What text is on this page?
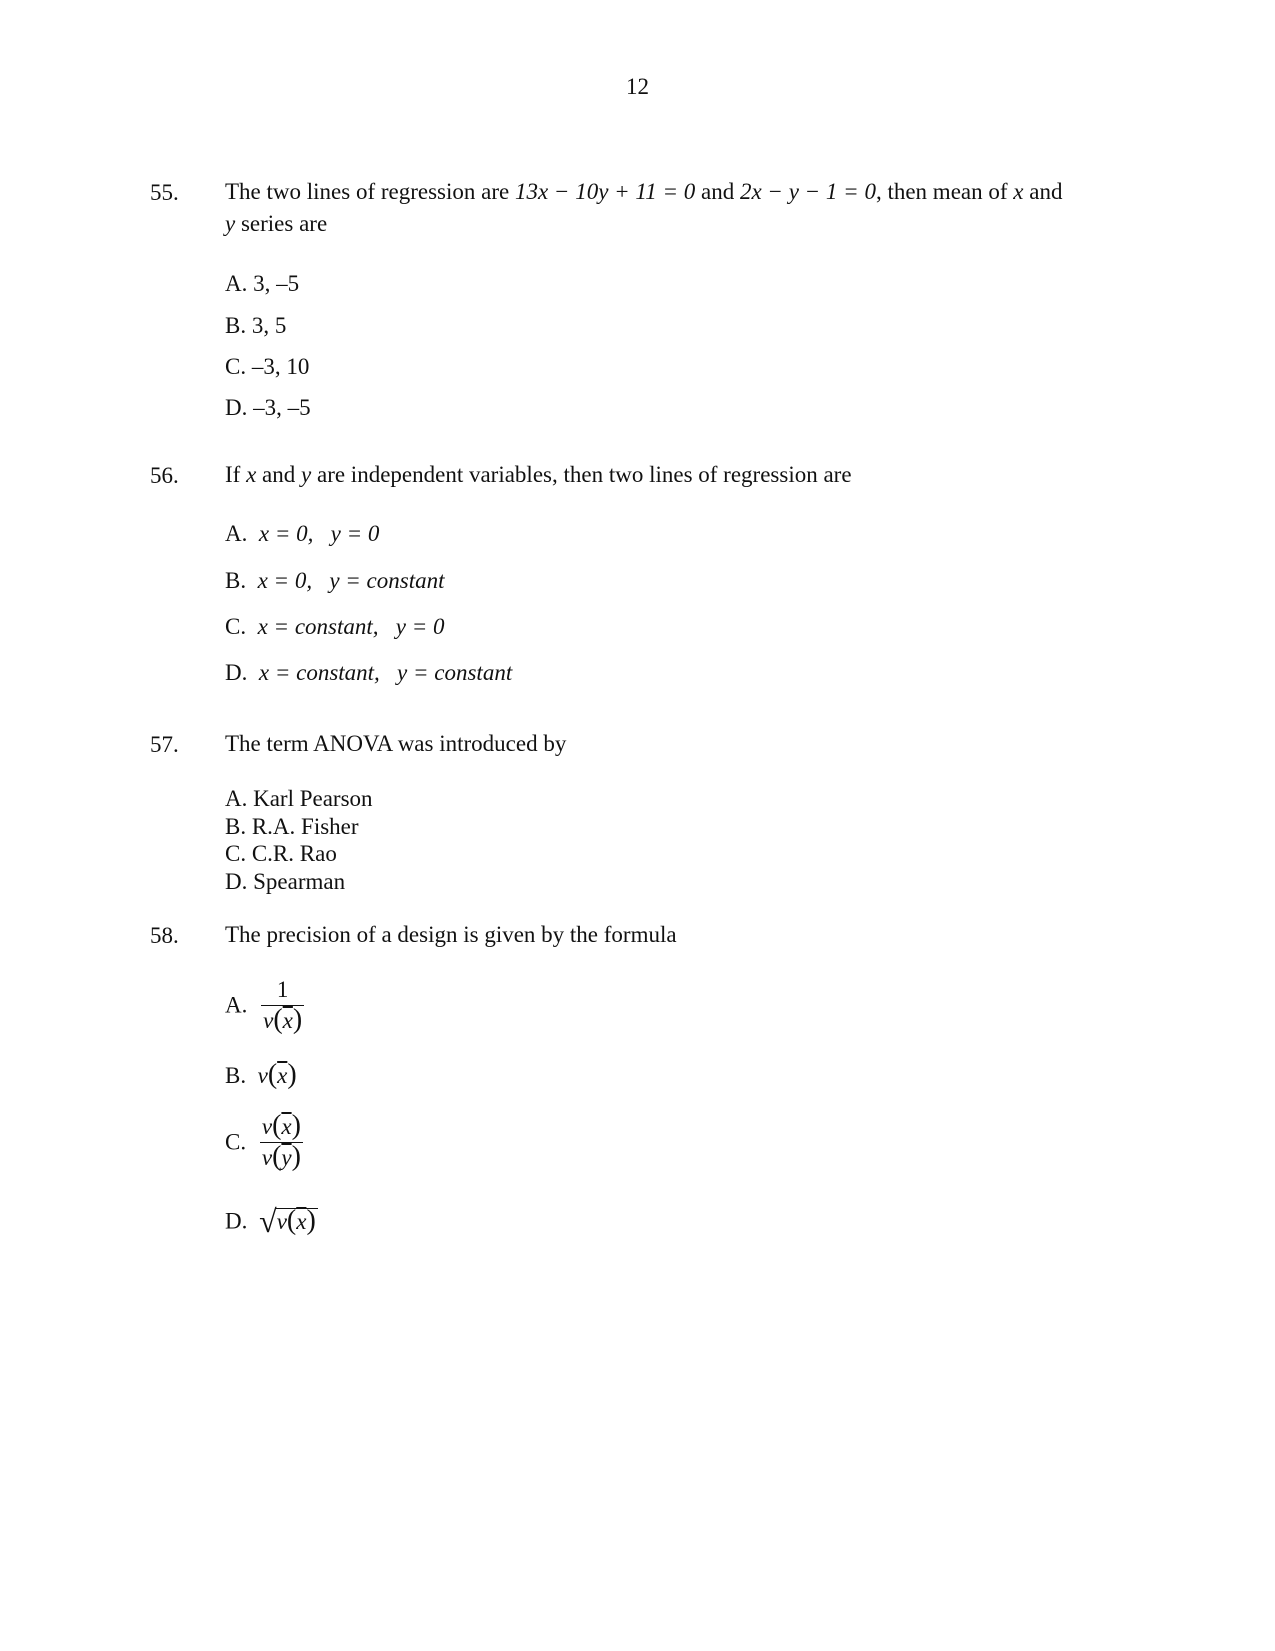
12
55. The two lines of regression are 13x − 10y + 11 = 0 and 2x − y − 1 = 0, then mean of x and
y series are
A. 3, –5
B. 3, 5
C. –3, 10
D. –3, –5
56. If x and y are independent variables, then two lines of regression are
A. x = 0, y = 0
B. x = 0, y = constant
C. x = constant, y = 0
D. x = constant, y = constant
57. The term ANOVA was introduced by
A. Karl Pearson
B. R.A. Fisher
C. C.R. Rao
D. Spearman
58. The precision of a design is given by the formula
A. $\frac{1}{v(\overline{x})}$
B. $v(\overline{x})$
C. $\frac{v(\overline{x})}{v(\overline{y})}$
D. $√v(\overline{x})$
